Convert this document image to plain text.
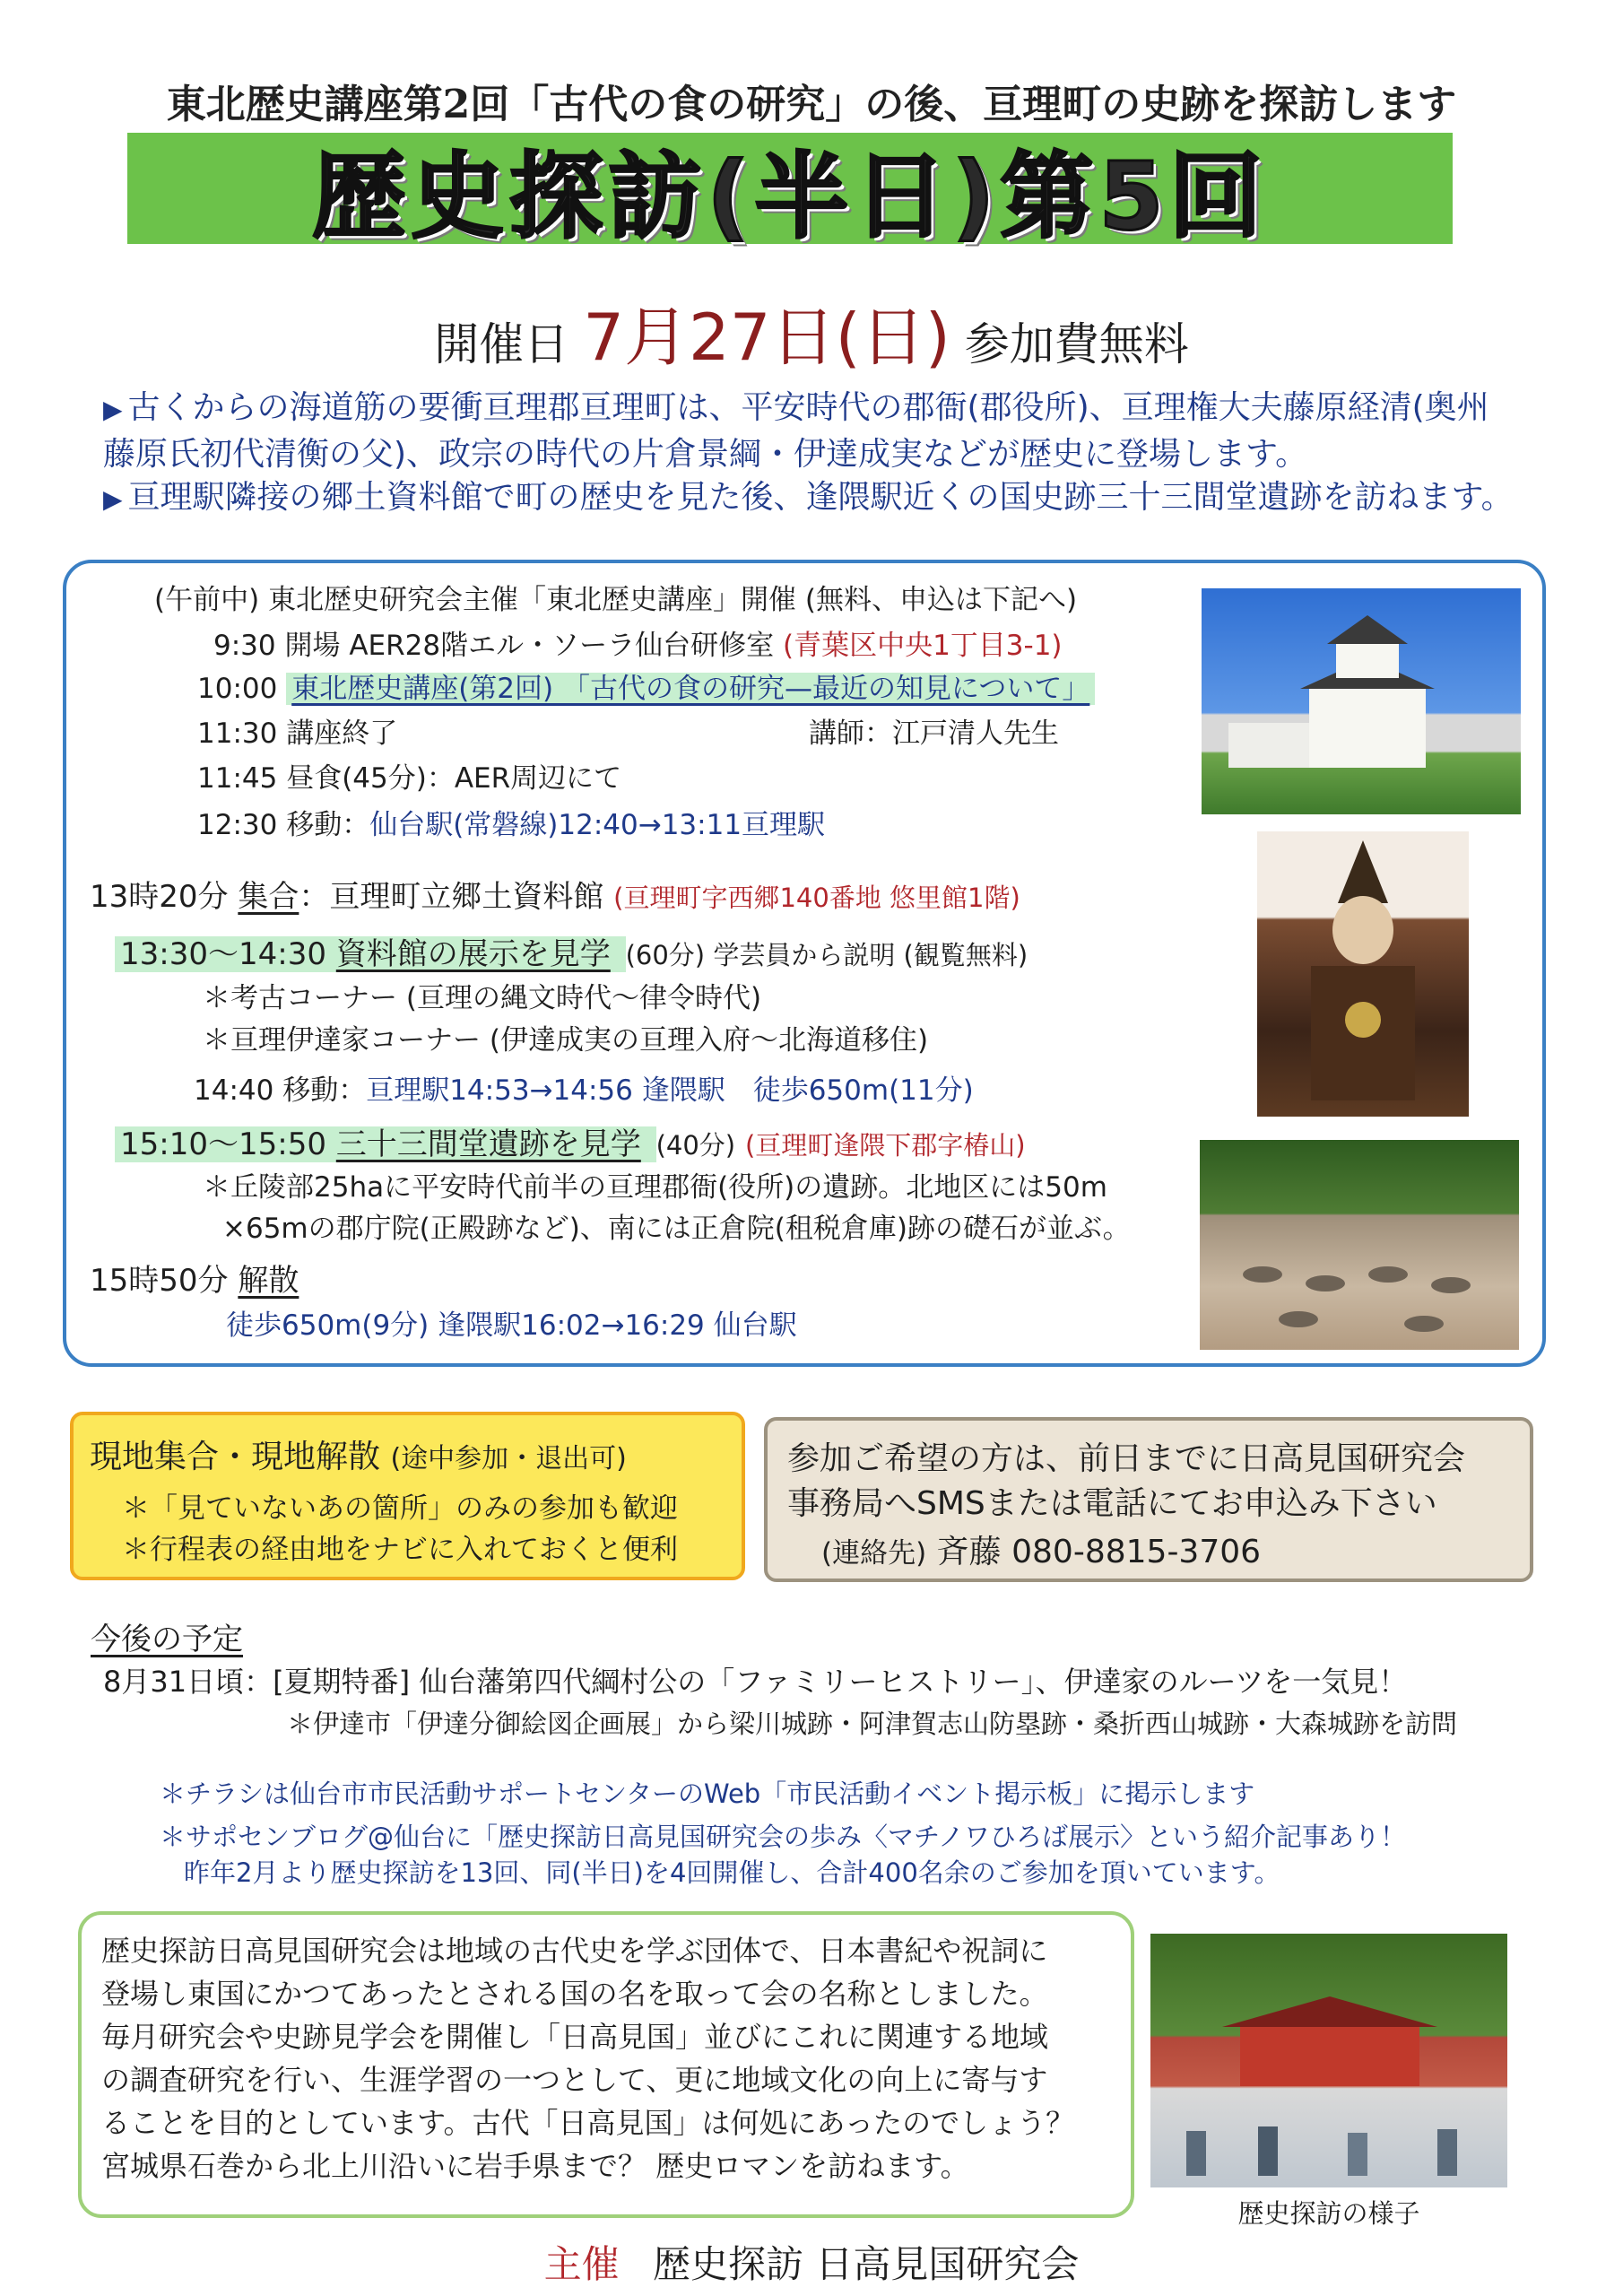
東北歴史講座第2回「古代の食の研究」の後、亘理町の史跡を探訪します
歴史探訪(半日)第5回
開催日 7月27日(日) 参加費無料
▶ 古くからの海道筋の要衝亘理郡亘理町は、平安時代の郡衙(郡役所)、亘理権大夫藤原経清(奥州
藤原氏初代清衡の父)、政宗の時代の片倉景綱・伊達成実などが歴史に登場します。
▶ 亘理駅隣接の郷土資料館で町の歴史を見た後、逢隈駅近くの国史跡三十三間堂遺跡を訪ねます。
(午前中) 東北歴史研究会主催「東北歴史講座」開催 (無料、申込は下記へ)
9:30 開場 AER28階エル・ソーラ仙台研修室 (青葉区中央1丁目3-1)
10:00 東北歴史講座(第2回) 「古代の食の研究—最近の知見について」
11:30 講座終了	講師：江戸清人先生
11:45 昼食(45分)：AER周辺にて
12:30 移動：仙台駅(常磐線)12:40→13:11亘理駅
13時20分 集合：亘理町立郷土資料館 (亘理町字西郷140番地 悠里館1階)
13:30〜14:30 資料館の展示を見学 (60分) 学芸員から説明 (観覧無料)
＊考古コーナー (亘理の縄文時代〜律令時代)
＊亘理伊達家コーナー (伊達成実の亘理入府〜北海道移住)
14:40 移動：亘理駅14:53→14:56 逢隈駅　徒歩650m(11分)
15:10〜15:50 三十三間堂遺跡を見学 (40分) (亘理町逢隈下郡字椿山)
＊丘陵部25haに平安時代前半の亘理郡衙(役所)の遺跡。北地区には50m
×65mの郡庁院(正殿跡など)、南には正倉院(租税倉庫)跡の礎石が並ぶ。
15時50分 解散
徒歩650m(9分) 逢隈駅16:02→16:29 仙台駅
現地集合・現地解散 (途中参加・退出可)
＊「見ていないあの箇所」のみの参加も歓迎
＊行程表の経由地をナビに入れておくと便利
参加ご希望の方は、前日までに日高見国研究会
事務局へSMSまたは電話にてお申込み下さい
(連絡先) 斉藤 080-8815-3706
今後の予定
8月31日頃：[夏期特番] 仙台藩第四代綱村公の「ファミリーヒストリー」、伊達家のルーツを一気見！
＊伊達市「伊達分御絵図企画展」から梁川城跡・阿津賀志山防塁跡・桑折西山城跡・大森城跡を訪問
＊チラシは仙台市市民活動サポートセンターのWeb「市民活動イベント掲示板」に掲示します
＊サポセンブログ@仙台に「歴史探訪日高見国研究会の歩み〈マチノワひろば展示〉という紹介記事あり！
昨年2月より歴史探訪を13回、同(半日)を4回開催し、合計400名余のご参加を頂いています。
歴史探訪日高見国研究会は地域の古代史を学ぶ団体で、日本書紀や祝詞に
登場し東国にかつてあったとされる国の名を取って会の名称としました。
毎月研究会や史跡見学会を開催し「日高見国」並びにこれに関連する地域
の調査研究を行い、生涯学習の一つとして、更に地域文化の向上に寄与す
ることを目的としています。古代「日高見国」は何処にあったのでしょう？
宮城県石巻から北上川沿いに岩手県まで？ 歴史ロマンを訪ねます。
歴史探訪の様子
主催 歴史探訪 日高見国研究会
